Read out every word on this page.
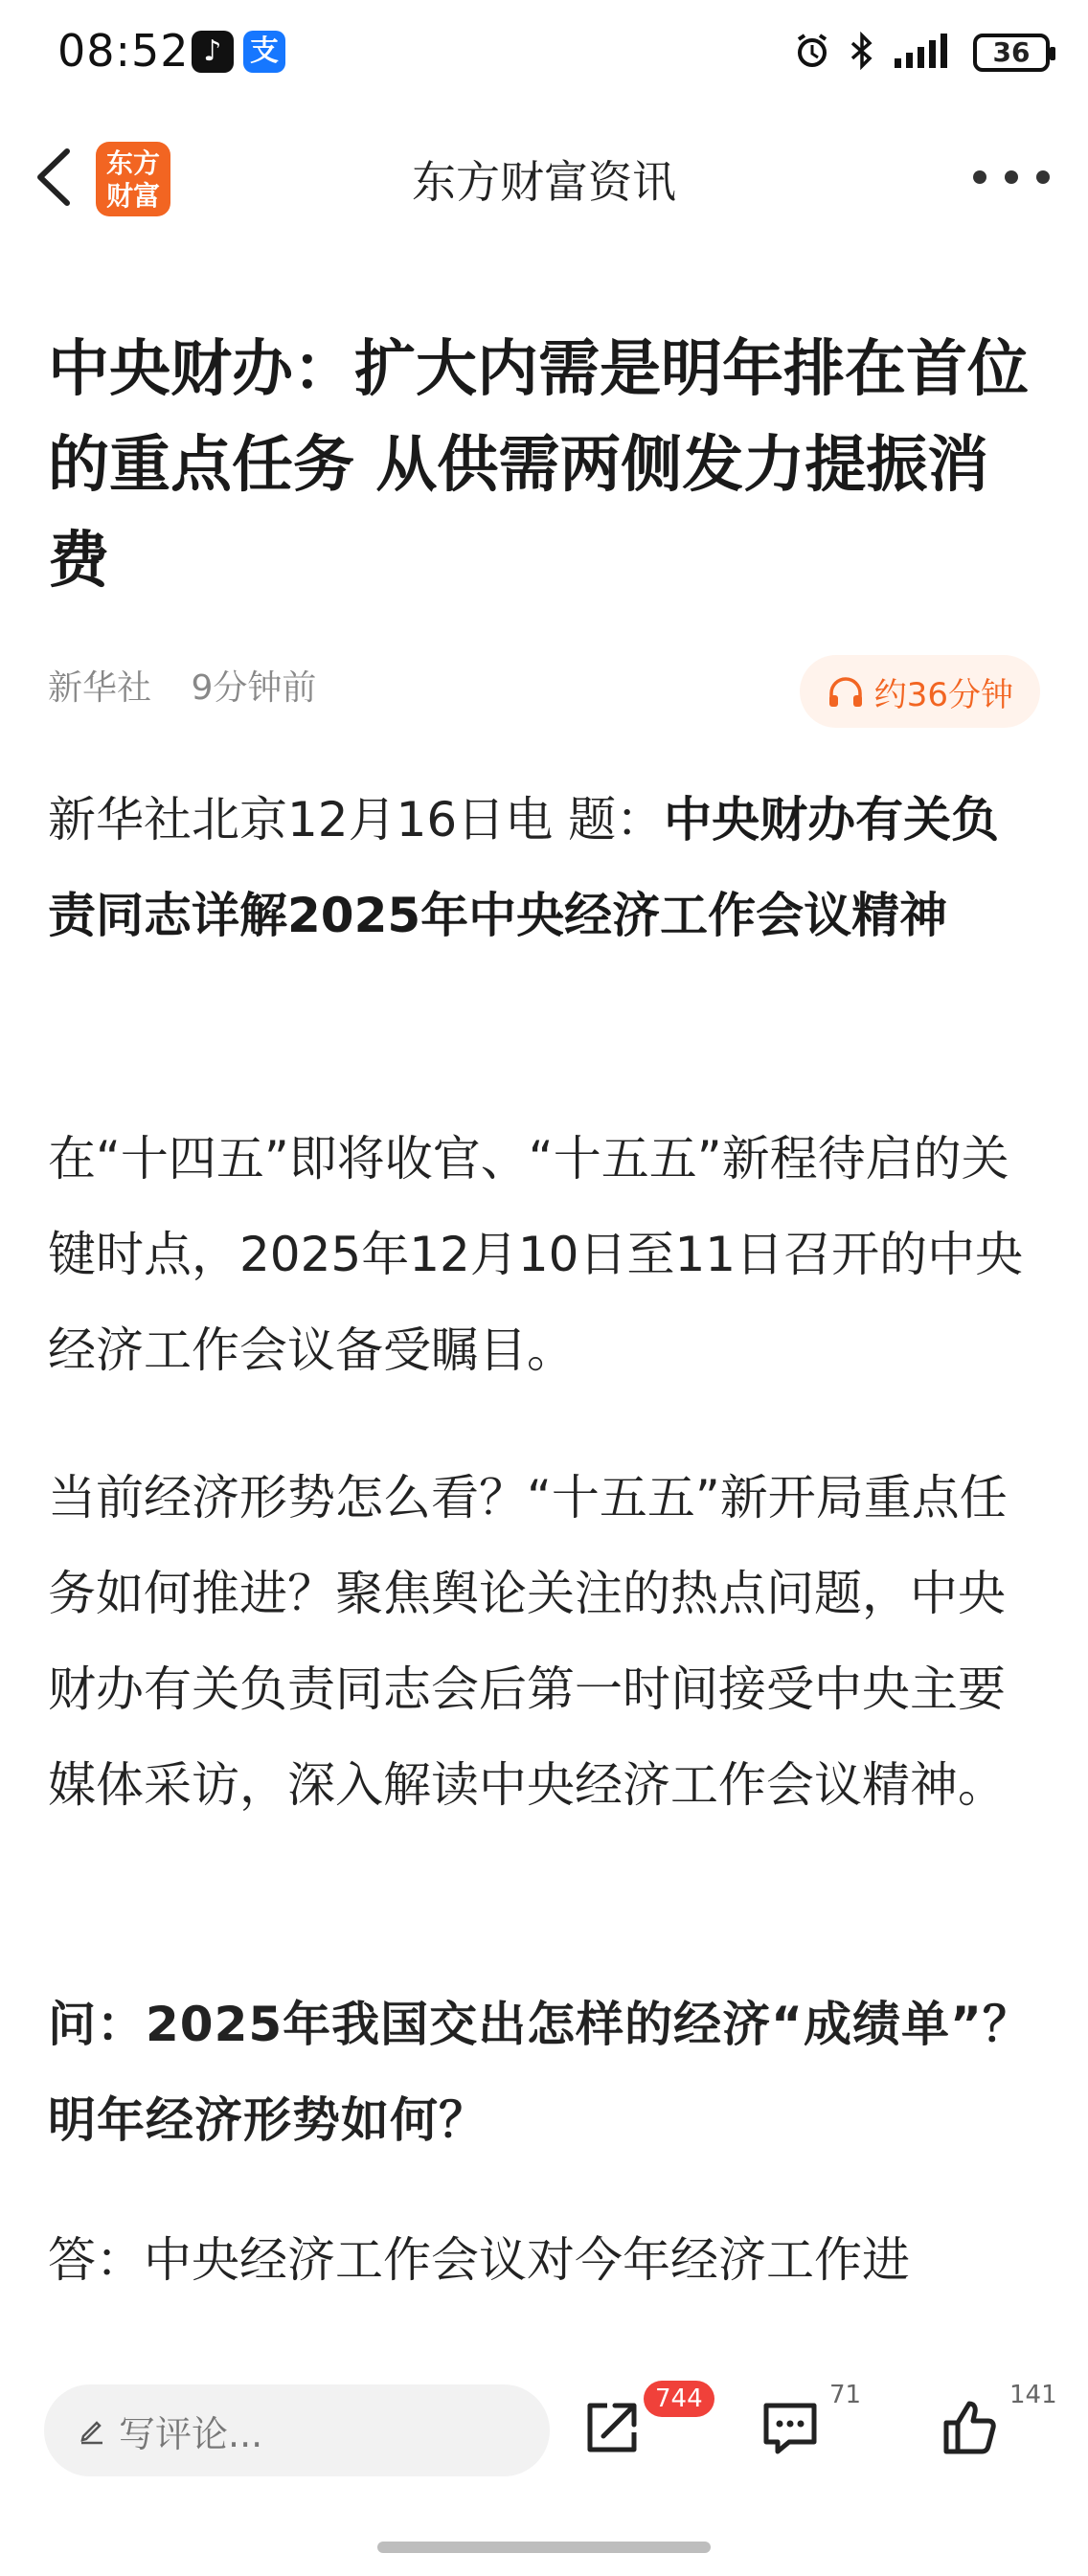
08:52 ♪ 支	36
东方财富	东方财富资讯
中央财办：扩大内需是明年排在首位的重点任务 从供需两侧发力提振消费
新华社 9分钟前	约36分钟
新华社北京12月16日电 题：中央财办有关负责同志详解2025年中央经济工作会议精神
在“十四五”即将收官、“十五五”新程待启的关键时点，2025年12月10日至11日召开的中央经济工作会议备受瞩目。
当前经济形势怎么看？“十五五”新开局重点任务如何推进？聚焦舆论关注的热点问题，中央财办有关负责同志会后第一时间接受中央主要媒体采访，深入解读中央经济工作会议精神。
问：2025年我国交出怎样的经济“成绩单”？明年经济形势如何？
答：中央经济工作会议对今年经济工作进
写评论...
744	71	141
